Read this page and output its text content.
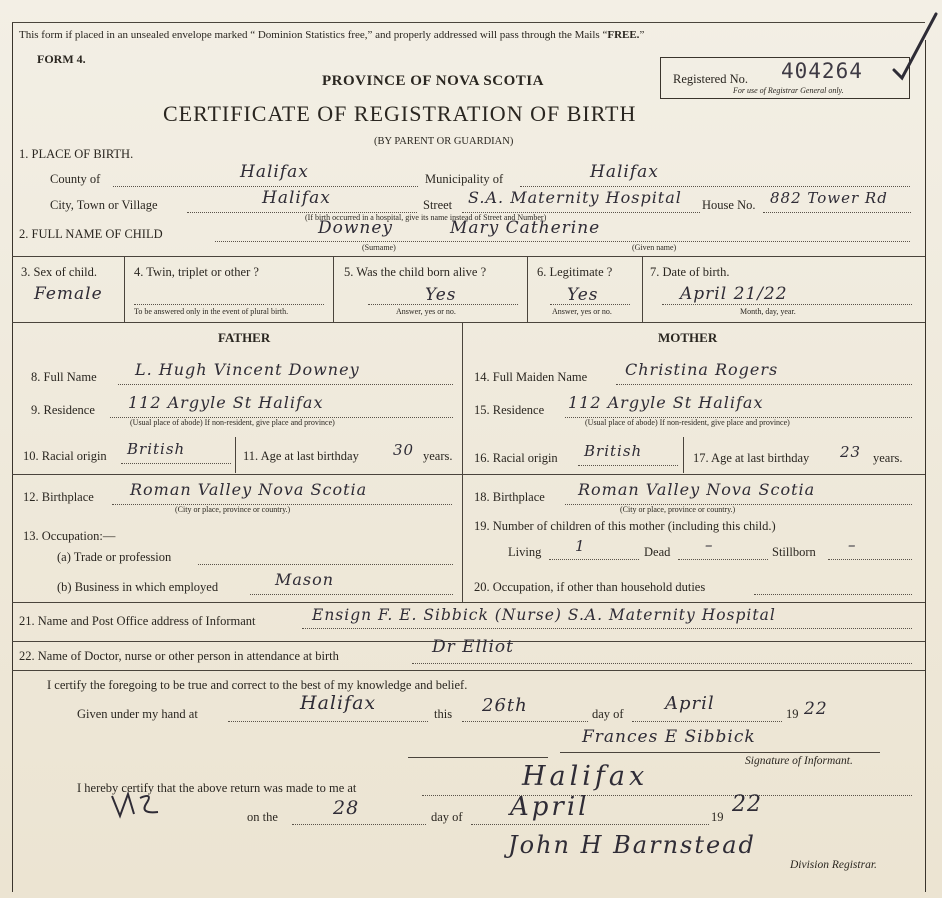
This form if placed in an unsealed envelope marked “ Dominion Statistics free,” and properly addressed will pass through the Mails “FREE.”
FORM 4.
PROVINCE OF NOVA SCOTIA
CERTIFICATE OF REGISTRATION OF BIRTH
(BY PARENT OR GUARDIAN)
Registered No. 404264
For use of Registrar General only.
1. PLACE OF BIRTH.
County of	Halifax	Municipality of	Halifax
City, Town or Village	Halifax	Street S.A. Maternity Hospital House No. 882 Tower Rd
(If birth occurred in a hospital, give its name instead of Street and Number)
2. FULL NAME OF CHILD	Downey	Mary Catherine
(Surname)	(Given name)
3. Sex of child.
Female
4. Twin, triplet or other ?
To be answered only in the event of plural birth.
5. Was the child born alive ?
Yes
Answer, yes or no.
6. Legitimate ?
Yes
Answer, yes or no.
7. Date of birth.
April 21/22
Month, day, year.
FATHER	MOTHER
8. Full Name L. Hugh Vincent Downey
9. Residence 112 Argyle St Halifax
(Usual place of abode) If non-resident, give place and province)
10. Racial origin British	11. Age at last birthday 30 years.
12. Birthplace Roman Valley Nova Scotia
(City or place, province or country.)
13. Occupation:—
(a) Trade or profession
(b) Business in which employed	Mason
14. Full Maiden Name Christina Rogers
15. Residence 112 Argyle St Halifax
(Usual place of abode) If non-resident, give place and province)
16. Racial origin British	17. Age at last birthday 23 years.
18. Birthplace Roman Valley Nova Scotia
(City or place, province or country.)
19. Number of children of this mother (including this child.)
Living 1	Dead –	Stillborn –
20. Occupation, if other than household duties
21. Name and Post Office address of Informant	Ensign F. E. Sibbick (Nurse) S.A. Maternity Hospital
22. Name of Doctor, nurse or other person in attendance at birth	Dr Elliot
I certify the foregoing to be true and correct to the best of my knowledge and belief.
Given under my hand at	Halifax	this 26th	day of April	19 22
Frances E Sibbick
Signature of Informant.
I hereby certify that the above return was made to me at	Halifax
on the	28	day of April	19 22
John H Barnstead
Division Registrar.
